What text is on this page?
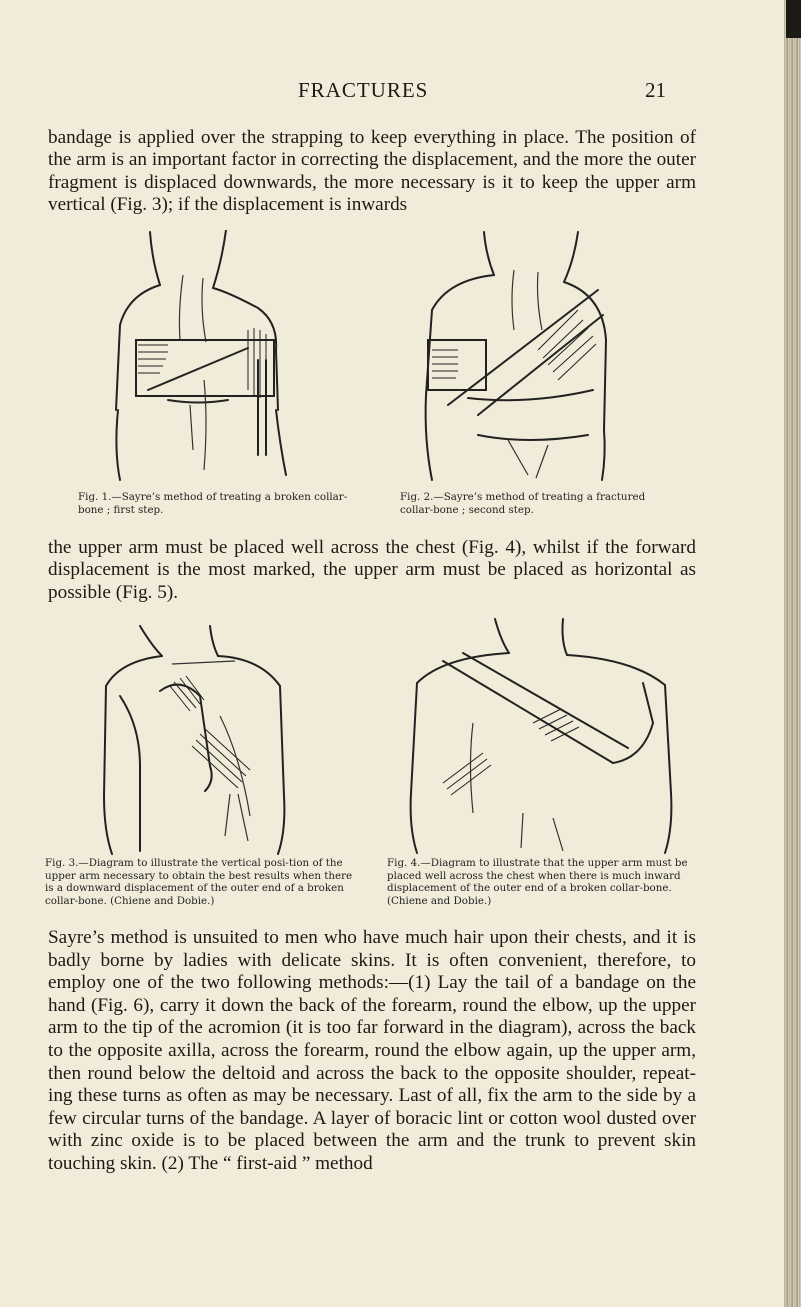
FRACTURES	21

bandage is applied over the strapping to keep everything in place. The position of the arm is an important factor in correcting the displacement, and the more the outer fragment is displaced downwards, the more necessary is it to keep the upper arm vertical (Fig. 3); if the displacement is inwards

Fig. 1.—Sayre’s method of treating a broken collar-bone ; first step.
Fig. 2.—Sayre’s method of treating a fractured collar-bone ; second step.

the upper arm must be placed well across the chest (Fig. 4), whilst if the forward displacement is the most marked, the upper arm must be placed as horizontal as possible (Fig. 5).

Fig. 3.—Diagram to illustrate the vertical posi-tion of the upper arm necessary to obtain the best results when there is a downward displacement of the outer end of a broken collar-bone. (Chiene and Dobie.)
Fig. 4.—Diagram to illustrate that the upper arm must be placed well across the chest when there is much inward displacement of the outer end of a broken collar-bone. (Chiene and Dobie.)

Sayre’s method is unsuited to men who have much hair upon their chests, and it is badly borne by ladies with delicate skins. It is often convenient, therefore, to employ one of the two following methods:—(1) Lay the tail of a bandage on the hand (Fig. 6), carry it down the back of the forearm, round the elbow, up the upper arm to the tip of the acromion (it is too far forward in the diagram), across the back to the opposite axilla, across the forearm, round the elbow again, up the upper arm, then round below the deltoid and across the back to the opposite shoulder, repeat-ing these turns as often as may be necessary. Last of all, fix the arm to the side by a few circular turns of the bandage. A layer of boracic lint or cotton wool dusted over with zinc oxide is to be placed between the arm and the trunk to prevent skin touching skin. (2) The “ first-aid ” method
